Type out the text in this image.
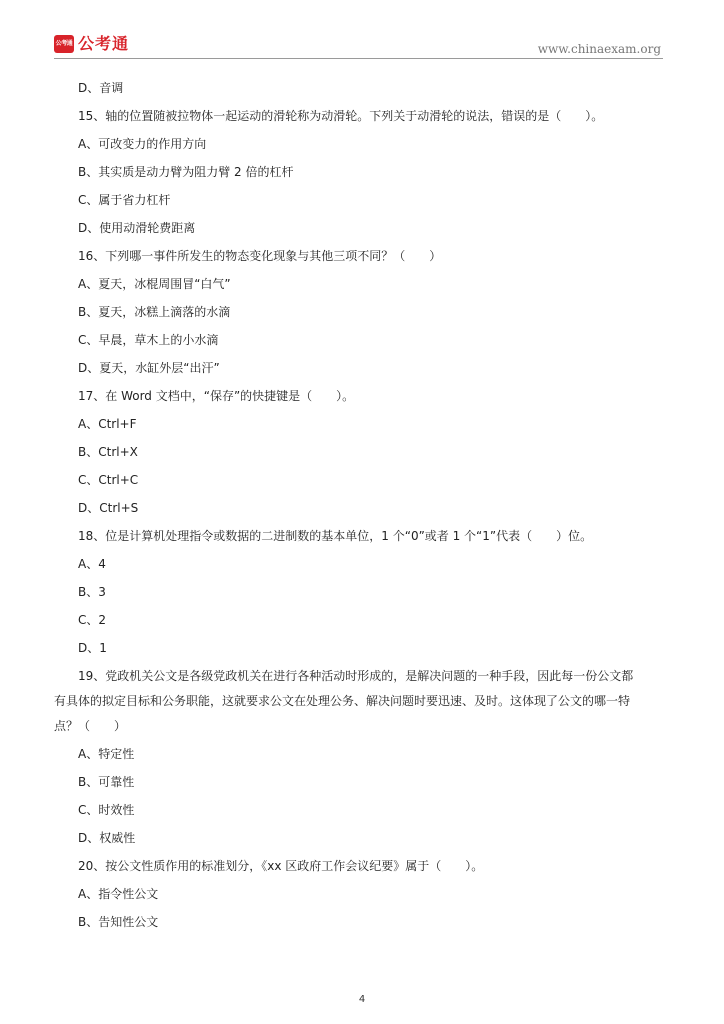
公考通 公考通	www.chinaexam.org
D、音调
15、轴的位置随被拉物体一起运动的滑轮称为动滑轮。下列关于动滑轮的说法，错误的是（　　）。
A、可改变力的作用方向
B、其实质是动力臂为阻力臂 2 倍的杠杆
C、属于省力杠杆
D、使用动滑轮费距离
16、下列哪一事件所发生的物态变化现象与其他三项不同？（　　）
A、夏天，冰棍周围冒“白气”
B、夏天，冰糕上滴落的水滴
C、早晨，草木上的小水滴
D、夏天，水缸外层“出汗”
17、在 Word 文档中，“保存”的快捷键是（　　）。
A、Ctrl+F
B、Ctrl+X
C、Ctrl+C
D、Ctrl+S
18、位是计算机处理指令或数据的二进制数的基本单位，1 个“0”或者 1 个“1”代表（　　）位。
A、4
B、3
C、2
D、1
19、党政机关公文是各级党政机关在进行各种活动时形成的，是解决问题的一种手段，因此每一份公文都
有具体的拟定目标和公务职能，这就要求公文在处理公务、解决问题时要迅速、及时。这体现了公文的哪一特
点？（　　）
A、特定性
B、可靠性
C、时效性
D、权威性
20、按公文性质作用的标准划分，《xx 区政府工作会议纪要》属于（　　）。
A、指令性公文
B、告知性公文
4
